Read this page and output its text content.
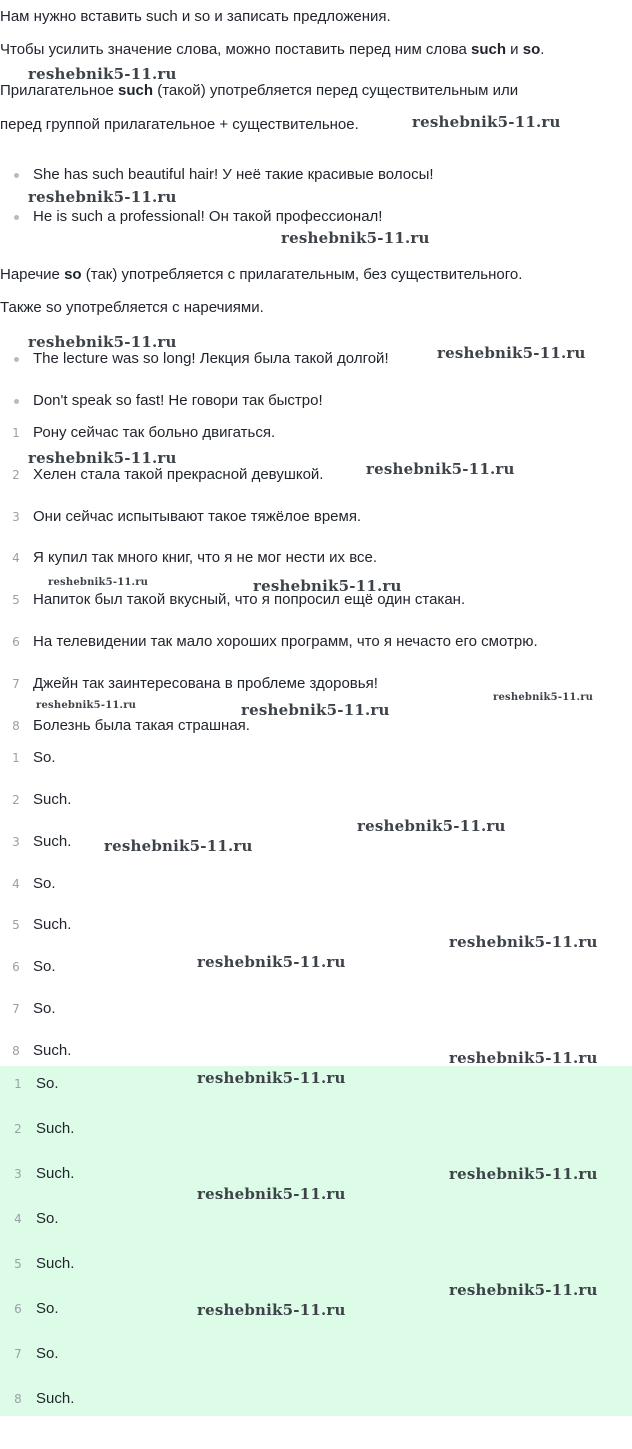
Нам нужно вставить such и so и записать предложения.
Чтобы усилить значение слова, можно поставить перед ним слова such и so.
Прилагательное such (такой) употребляется перед существительным или
перед группой прилагательное + существительное.
She has such beautiful hair! У неё такие красивые волосы!
He is such a professional! Он такой профессионал!
Наречие so (так) употребляется с прилагательным, без существительного.
Также so употребляется с наречиями.
The lecture was so long! Лекция была такой долгой!
Don't speak so fast! Не говори так быстро!
1 Рону сейчас так больно двигаться.
2 Хелен стала такой прекрасной девушкой.
3 Они сейчас испытывают такое тяжёлое время.
4 Я купил так много книг, что я не мог нести их все.
5 Напиток был такой вкусный, что я попросил ещё один стакан.
6 На телевидении так мало хороших программ, что я нечасто его смотрю.
7 Джейн так заинтересована в проблеме здоровья!
8 Болезнь была такая страшная.
1 So.
2 Such.
3 Such.
4 So.
5 Such.
6 So.
7 So.
8 Such.
1 So.
2 Such.
3 Such.
4 So.
5 Such.
6 So.
7 So.
8 Such.
reshebnik5-11.ru
reshebnik5-11.ru
reshebnik5-11.ru
reshebnik5-11.ru
reshebnik5-11.ru
reshebnik5-11.ru
reshebnik5-11.ru
reshebnik5-11.ru
reshebnik5-11.ru	reshebnik5-11.ru
reshebnik5-11.ru
reshebnik5-11.ru	reshebnik5-11.ru
reshebnik5-11.ru
reshebnik5-11.ru
reshebnik5-11.ru
reshebnik5-11.ru
reshebnik5-11.ru
reshebnik5-11.ru
reshebnik5-11.ru
reshebnik5-11.ru
reshebnik5-11.ru
reshebnik5-11.ru
